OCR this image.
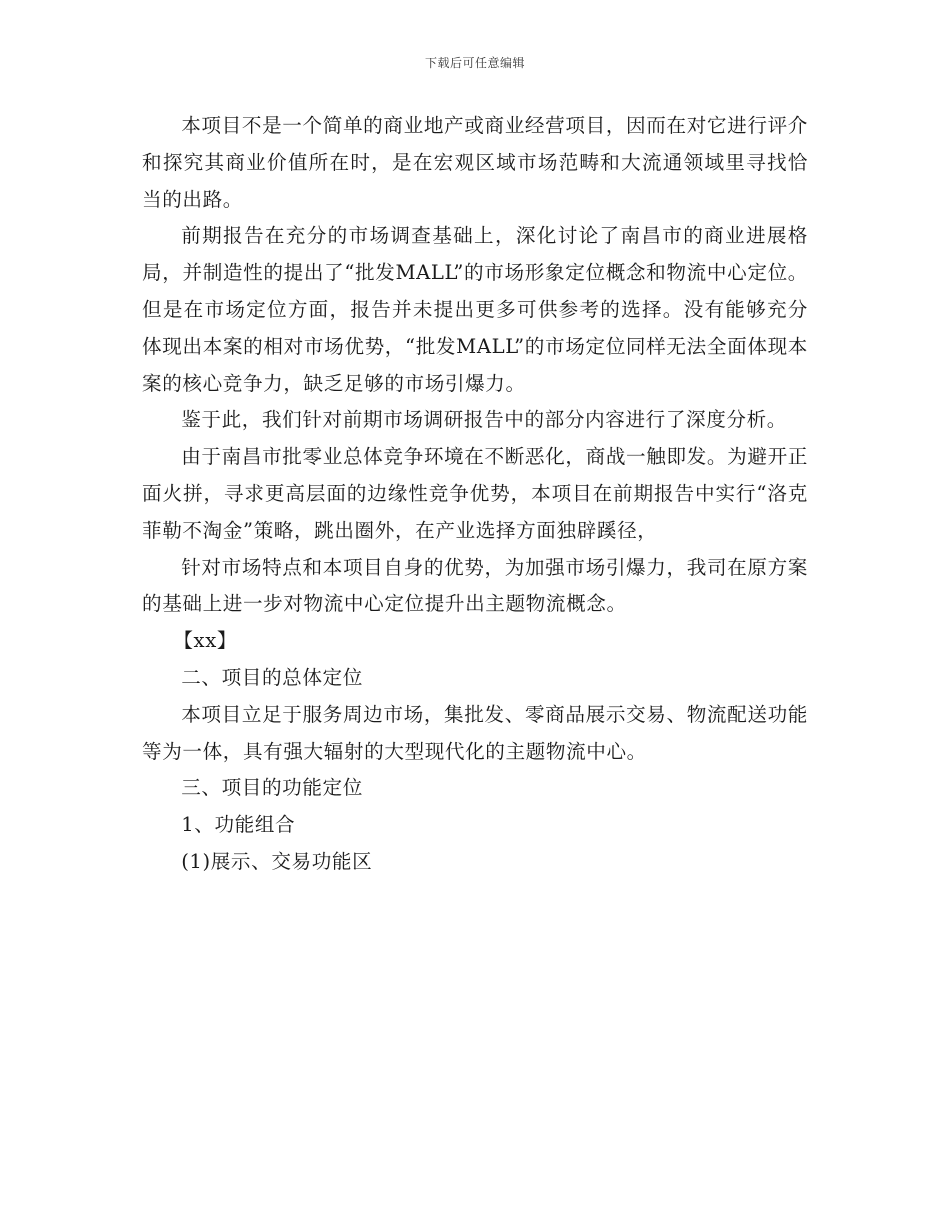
下载后可任意编辑

本项目不是一个简单的商业地产或商业经营项目，因而在对它进行评介和探究其商业价值所在时，是在宏观区域市场范畴和大流通领域里寻找恰当的出路。

前期报告在充分的市场调查基础上，深化讨论了南昌市的商业进展格局，并制造性的提出了“批发MALL”的市场形象定位概念和物流中心定位。但是在市场定位方面，报告并未提出更多可供参考的选择。没有能够充分体现出本案的相对市场优势，“批发MALL”的市场定位同样无法全面体现本案的核心竞争力，缺乏足够的市场引爆力。

鉴于此，我们针对前期市场调研报告中的部分内容进行了深度分析。

由于南昌市批零业总体竞争环境在不断恶化，商战一触即发。为避开正面火拼，寻求更高层面的边缘性竞争优势，本项目在前期报告中实行“洛克菲勒不淘金”策略，跳出圈外，在产业选择方面独辟蹊径，

针对市场特点和本项目自身的优势，为加强市场引爆力，我司在原方案的基础上进一步对物流中心定位提升出主题物流概念。

【xx】

二、项目的总体定位

本项目立足于服务周边市场，集批发、零商品展示交易、物流配送功能等为一体，具有强大辐射的大型现代化的主题物流中心。

三、项目的功能定位

1、功能组合

(1)展示、交易功能区
